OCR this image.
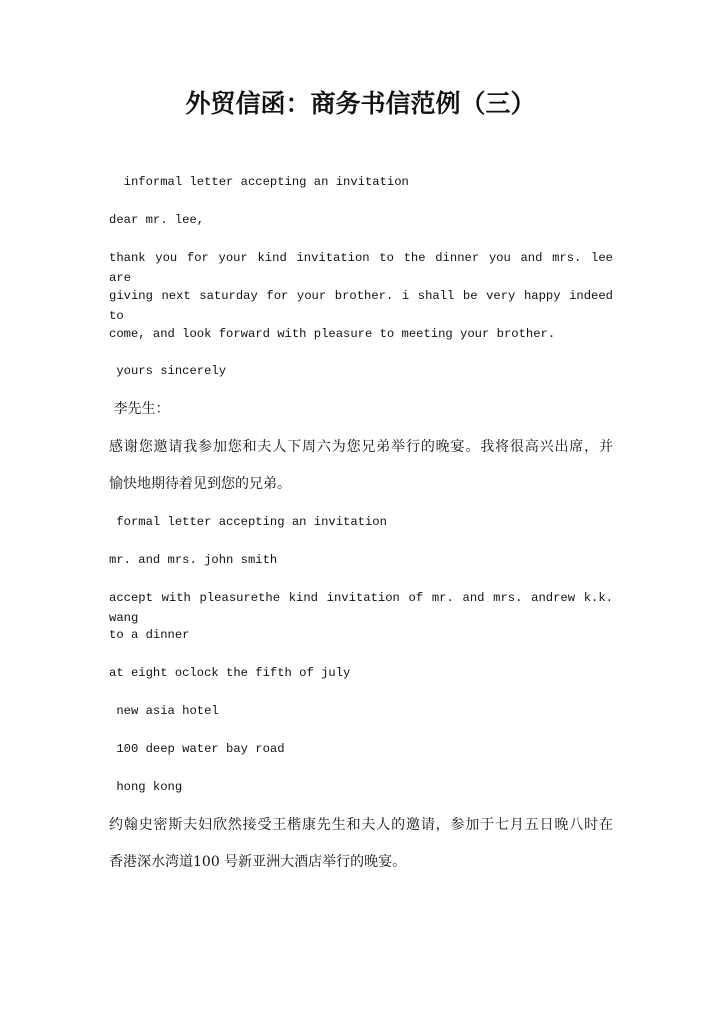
外贸信函：商务书信范例（三）
informal letter accepting an invitation
dear mr. lee,
thank you for your kind invitation to the dinner you and mrs. lee are
giving next saturday for your brother. i shall be very happy indeed to
come, and look forward with pleasure to meeting your brother.
yours sincerely
李先生：
感谢您邀请我参加您和夫人下周六为您兄弟举行的晚宴。我将很高兴出席，并
愉快地期待着见到您的兄弟。
formal letter accepting an invitation
mr. and mrs. john smith
accept with pleasurethe kind invitation of mr. and mrs. andrew k.k. wang
to a dinner
at eight oclock the fifth of july
new asia hotel
100 deep water bay road
hong kong
约翰史密斯夫妇欣然接受王楷康先生和夫人的邀请，参加于七月五日晚八时在
香港深水湾道100 号新亚洲大酒店举行的晚宴。
